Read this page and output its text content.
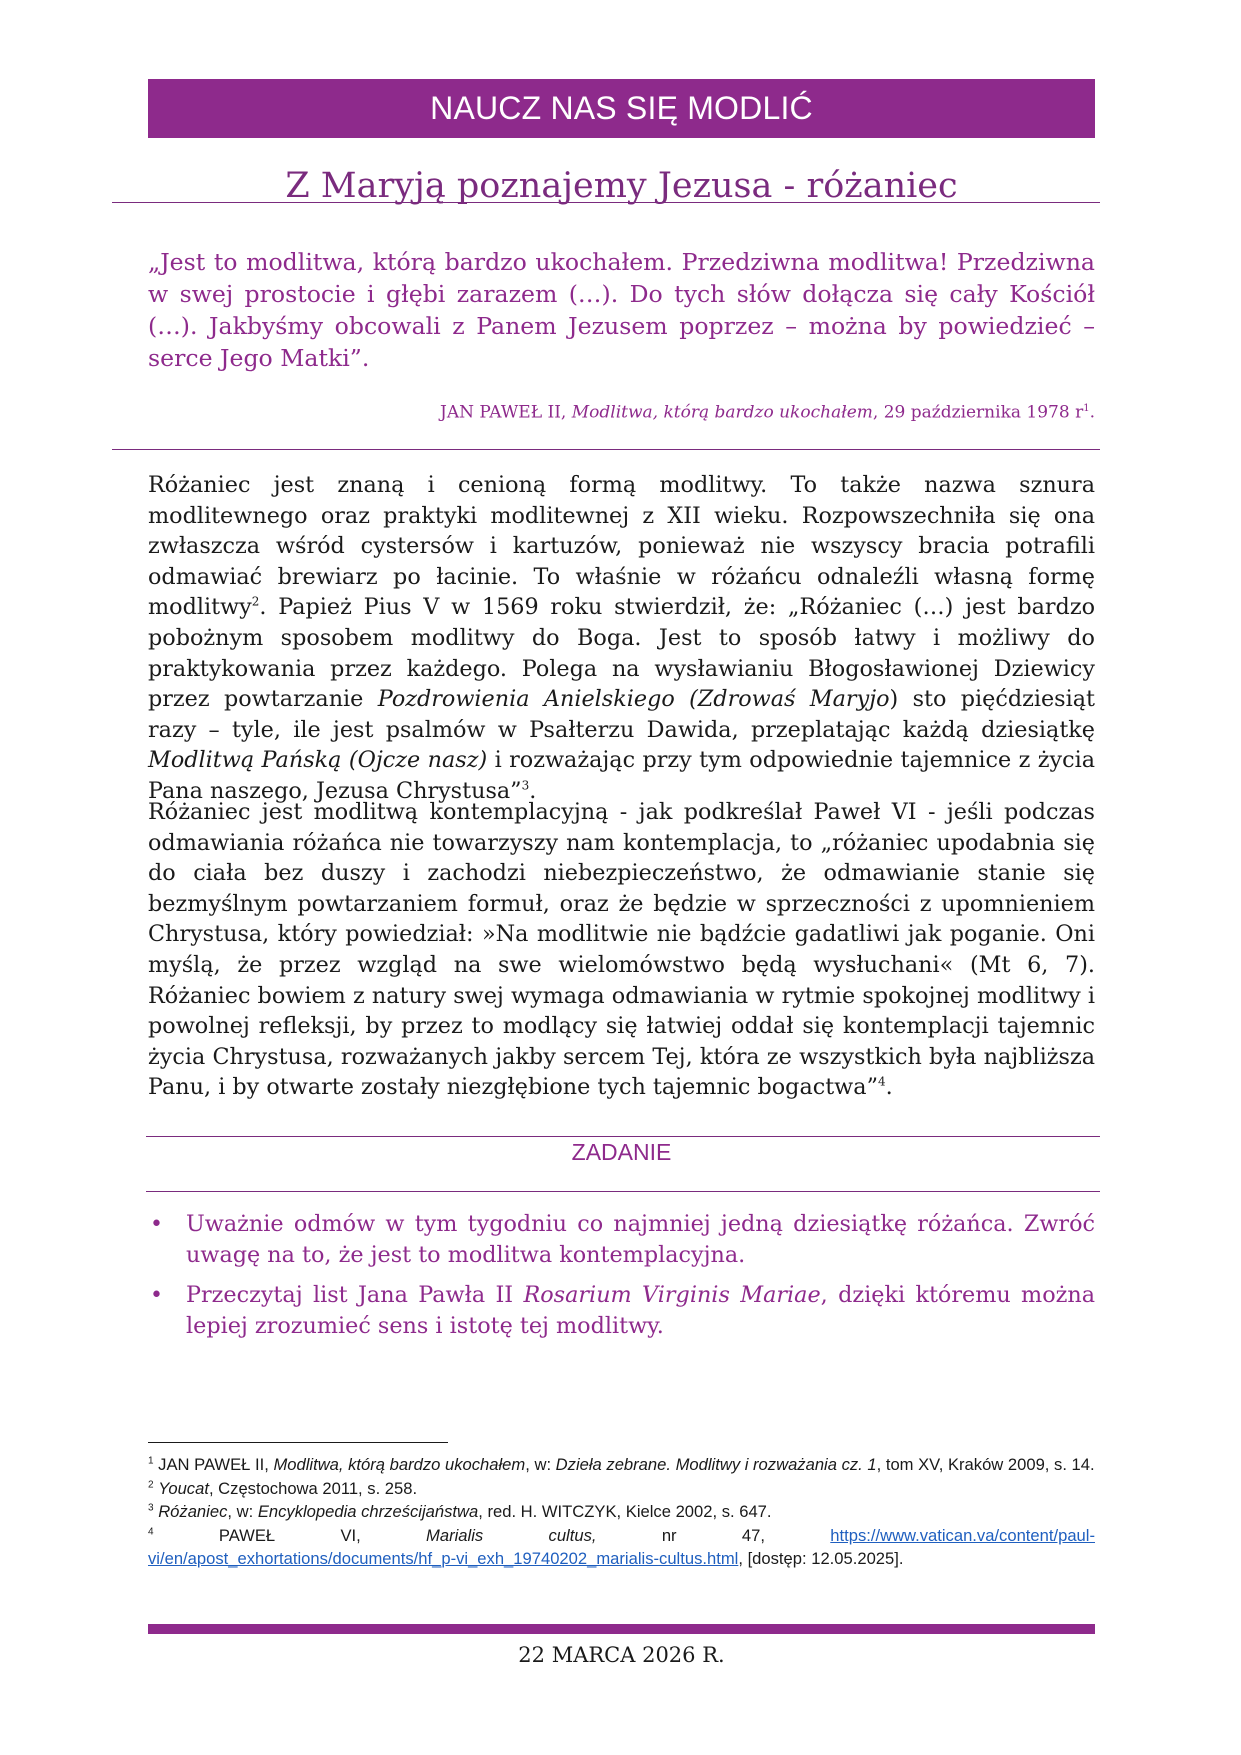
NAUCZ NAS SIĘ MODLIĆ
Z Maryją poznajemy Jezusa - różaniec

„Jest to modlitwa, którą bardzo ukochałem. Przedziwna modlitwa! Przedziwna w swej prostocie i głębi zarazem (…). Do tych słów dołącza się cały Kościół (…). Jakbyśmy obcowali z Panem Jezusem poprzez – można by powiedzieć – serce Jego Matki”.

JAN PAWEŁ II, Modlitwa, którą bardzo ukochałem, 29 października 1978 $r^1$.

Różaniec jest znaną i cenioną formą modlitwy. To także nazwa sznura modlitewnego oraz praktyki modlitewnej z XII wieku. Rozpowszechniła się ona zwłaszcza wśród cystersów i kartuzów, ponieważ nie wszyscy bracia potrafili odmawiać brewiarz po łacinie. To właśnie w różańcu odnaleźli własną formę modlitwy$^2$. Papież Pius V w 1569 roku stwierdził, że: „Różaniec (…) jest bardzo pobożnym sposobem modlitwy do Boga. Jest to sposób łatwy i możliwy do praktykowania przez każdego. Polega na wysławianiu Błogosławionej Dziewicy przez powtarzanie Pozdrowienia Anielskiego (Zdrowaś Maryjo) sto pięćdziesiąt razy – tyle, ile jest psalmów w Psałterzu Dawida, przeplatając każdą dziesiątkę Modlitwą Pańską (Ojcze nasz) i rozważając przy tym odpowiednie tajemnice z życia Pana naszego, Jezusa Chrystusa”$^3$.

Różaniec jest modlitwą kontemplacyjną - jak podkreślał Paweł VI - jeśli podczas odmawiania różańca nie towarzyszy nam kontemplacja, to „różaniec upodabnia się do ciała bez duszy i zachodzi niebezpieczeństwo, że odmawianie stanie się bezmyślnym powtarzaniem formuł, oraz że będzie w sprzeczności z upomnieniem Chrystusa, który powiedział: »Na modlitwie nie bądźcie gadatliwi jak poganie. Oni myślą, że przez wzgląd na swe wielomówstwo będą wysłuchani« (Mt 6, 7). Różaniec bowiem z natury swej wymaga odmawiania w rytmie spokojnej modlitwy i powolnej refleksji, by przez to modlący się łatwiej oddał się kontemplacji tajemnic życia Chrystusa, rozważanych jakby sercem Tej, która ze wszystkich była najbliższa Panu, i by otwarte zostały niezgłębione tych tajemnic bogactwa”$^4$.

ZADANIE
• Uważnie odmów w tym tygodniu co najmniej jedną dziesiątkę różańca. Zwróć uwagę na to, że jest to modlitwa kontemplacyjna.
• Przeczytaj list Jana Pawła II Rosarium Virginis Mariae, dzięki któremu można lepiej zrozumieć sens i istotę tej modlitwy.

$^1$ JAN PAWEŁ II, Modlitwa, którą bardzo ukochałem, w: Dzieła zebrane. Modlitwy i rozważania cz. 1, tom XV, Kraków 2009, s. 14.

$^2$ Youcat, Częstochowa 2011, s. 258.

$^3$ Różaniec, w: Encyklopedia chrześcijaństwa, red. H. WITCZYK, Kielce 2002, s. 647.

$^4$	PAWEŁ	VI,	Marialis	cultus,	nr	47,	https://www.vatican.va/content/paul-

vi/en/apost_exhortations/documents/hf_p-vi_exh_19740202_marialis-cultus.html, [dostęp: 12.05.2025].

22 MARCA 2026 R.
